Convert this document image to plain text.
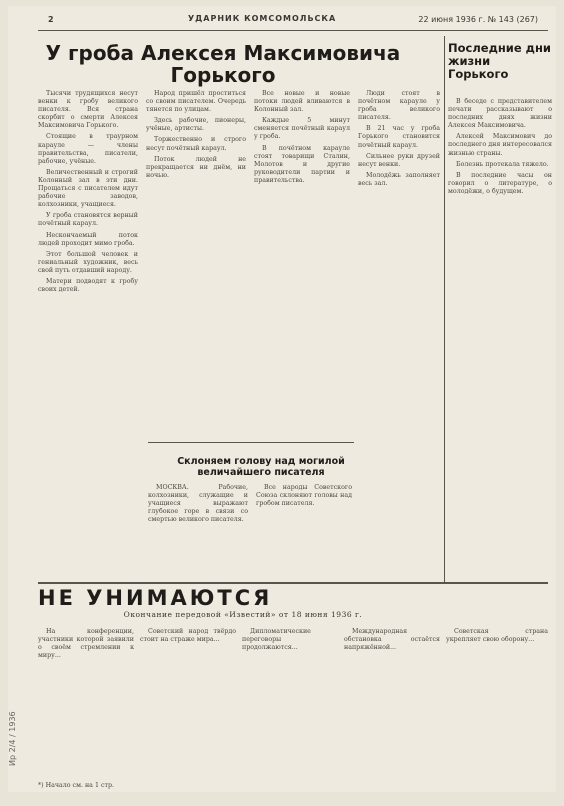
2	УДАРНИК КОМСОМОЛЬСКА	22 июня 1936 г. № 143 (267)
У гроба Алексея Максимовича Горького

Тысячи трудящихся несут венки к гробу великого писателя. Вся страна скорбит о смерти Алексея Максимовича Горького.

Стоящие в траурном карауле — члены правительства, писатели, рабочие, учёные.

Величественный и строгий Колонный зал в эти дни. Прощаться с писателем идут рабочие заводов, колхозники, учащиеся.

У гроба становятся верный почётный караул.

Нескончаемый поток людей проходит мимо гроба.

Этот большой человек и гениальный художник, весь свой путь отдавший народу.

Матери подводят к гробу своих детей.

Народ пришёл проститься со своим писателем. Очередь тянется по улицам.

Здесь рабочие, пионеры, учёные, артисты.

Торжественно и строго несут почётный караул.

Поток людей не прекращается ни днём, ни ночью.

Все новые и новые потоки людей вливаются в Колонный зал.

Каждые 5 минут сменяется почётный караул у гроба.

В почётном карауле стоят товарищи Сталин, Молотов и другие руководители партии и правительства.

Люди стоят в почётном карауле у гроба великого писателя.

В 21 час у гроба Горького становится почётный караул.

Сильнее руки друзей несут венки.

Молодёжь заполняет весь зал.

Последние дни жизни Горького

В беседе с представителем печати рассказывают о последних днях жизни Алексея Максимовича.

Алексей Максимович до последнего дня интересовался жизнью страны.

Болезнь протекала тяжело.

В последние часы он говорил о литературе, о молодёжи, о будущем.

Склоняем голову над могилой величайшего писателя

МОСКВА. Рабочие, колхозники, служащие и учащиеся выражают глубокое горе в связи со смертью великого писателя.

Все народы Советского Союза склоняют головы над гробом писателя.

НЕ УНИМАЮТСЯ
Окончание передовой «Известий» от 18 июня 1936 г.

На конференции, участники которой заявили о своём стремлении к миру...

Советский народ твёрдо стоит на страже мира...

Дипломатические переговоры продолжаются...

Международная обстановка остаётся напряжённой...

Советская страна укрепляет свою оборону...

*) Начало см. на 1 стр.
Ир 2/4 / 1936
